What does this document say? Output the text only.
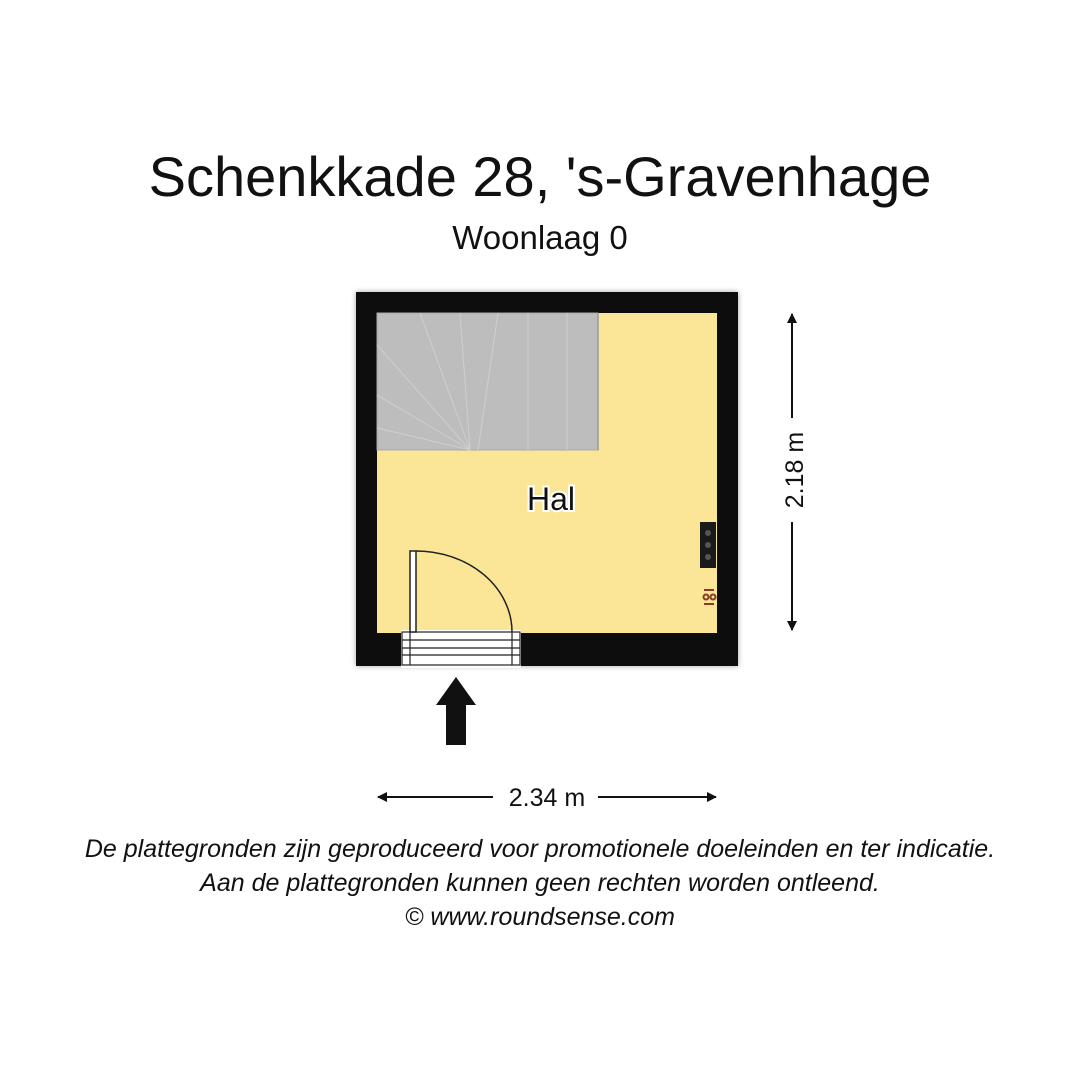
Schenkkade 28, 's-Gravenhage
Woonlaag 0
Hal	2.18 m
2.34 m
De plattegronden zijn geproduceerd voor promotionele doeleinden en ter indicatie.
Aan de plattegronden kunnen geen rechten worden ontleend.
© www.roundsense.com
